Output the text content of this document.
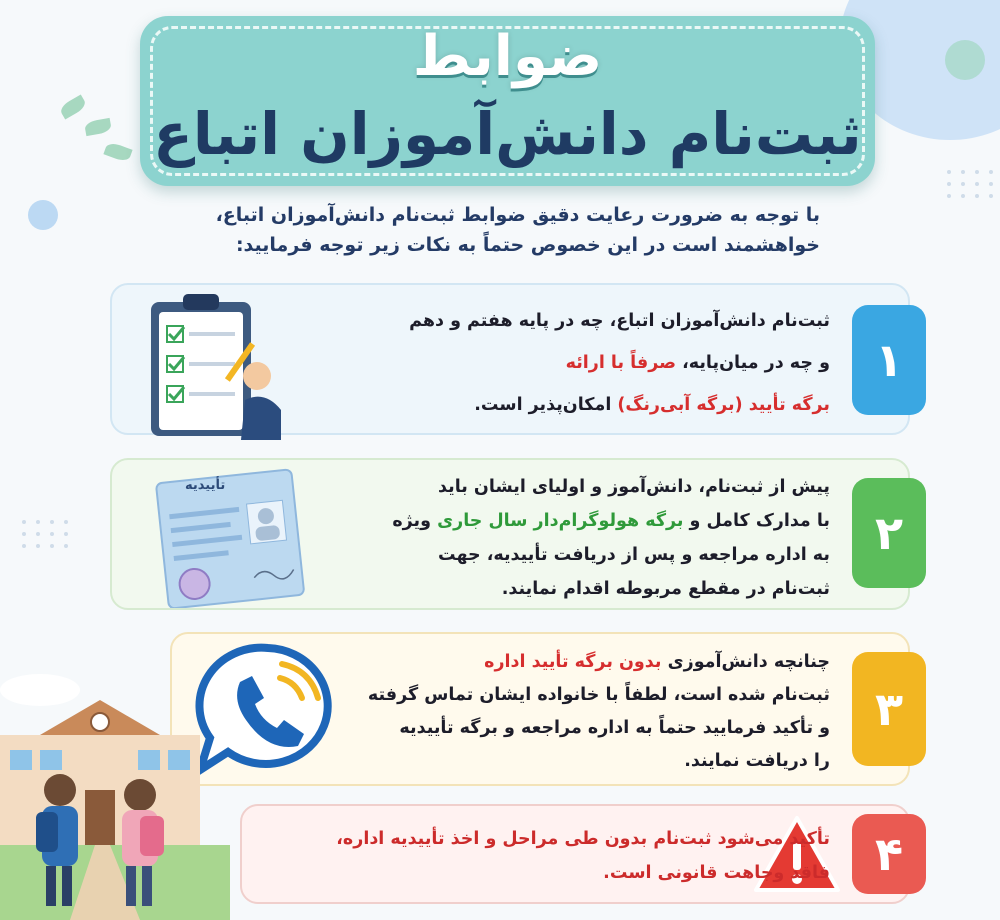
ضوابط
ثبت‌نام دانش‌آموزان اتباع
با توجه به ضرورت رعایت دقیق ضوابط ثبت‌نام دانش‌آموزان اتباع،
خواهشمند است در این خصوص حتماً به نکات زیر توجه فرمایید:
۱
ثبت‌نام دانش‌آموزان اتباع، چه در پایه هفتم و دهم
و چه در میان‌پایه، صرفاً با ارائه
برگه تأیید (برگه آبی‌رنگ) امکان‌پذیر است.
۲
تأییدیه	پیش از ثبت‌نام، دانش‌آموز و اولیای ایشان باید
با مدارک کامل و برگه هولوگرام‌دار سال جاری ویژه
به اداره مراجعه و پس از دریافت تأییدیه، جهت
ثبت‌نام در مقطع مربوطه اقدام نمایند.
۳
چنانچه دانش‌آموزی بدون برگه تأیید اداره
ثبت‌نام شده است، لطفاً با خانواده ایشان تماس گرفته
و تأکید فرمایید حتماً به اداره مراجعه و برگه تأییدیه
را دریافت نمایند.
۴
تأکید می‌شود ثبت‌نام بدون طی مراحل و اخذ تأییدیه اداره،
فاقد وجاهت قانونی است.
